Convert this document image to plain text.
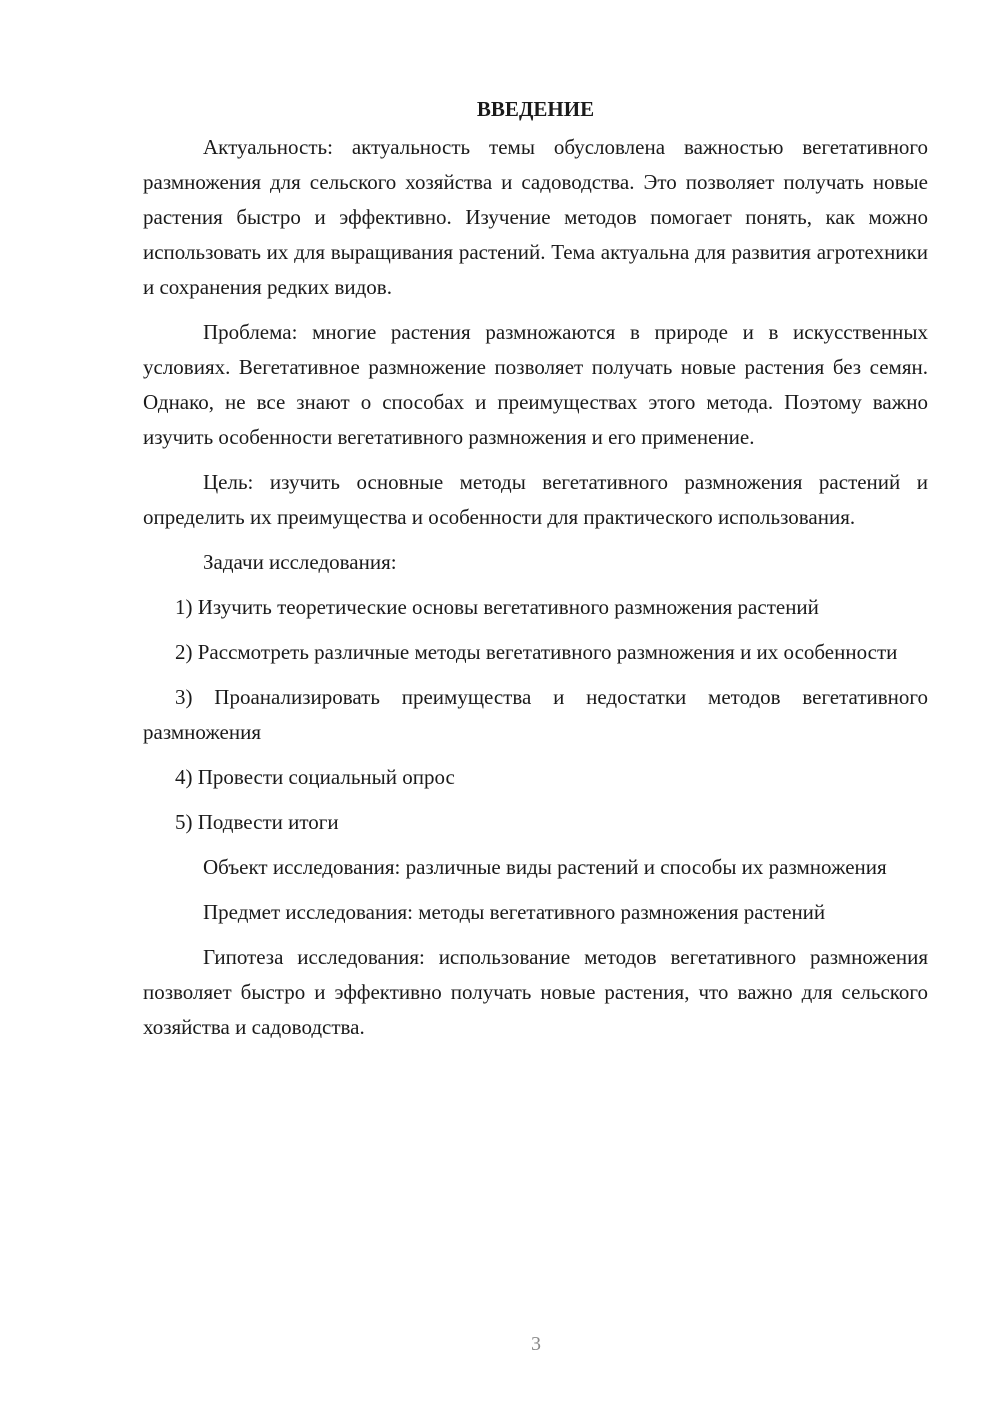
ВВЕДЕНИЕ

Актуальность: актуальность темы обусловлена важностью вегетативного размножения для сельского хозяйства и садоводства. Это позволяет получать новые растения быстро и эффективно. Изучение методов помогает понять, как можно использовать их для выращивания растений. Тема актуальна для развития агротехники и сохранения редких видов.

Проблема: многие растения размножаются в природе и в искусственных условиях. Вегетативное размножение позволяет получать новые растения без семян. Однако, не все знают о способах и преимуществах этого метода. Поэтому важно изучить особенности вегетативного размножения и его применение.

Цель: изучить основные методы вегетативного размножения растений и определить их преимущества и особенности для практического использования.

Задачи исследования:

1) Изучить теоретические основы вегетативного размножения растений

2) Рассмотреть различные методы вегетативного размножения и их особенности

3) Проанализировать преимущества и недостатки методов вегетативного размножения

4) Провести социальный опрос

5) Подвести итоги

Объект исследования: различные виды растений и способы их размножения

Предмет исследования: методы вегетативного размножения растений

Гипотеза исследования: использование методов вегетативного размножения позволяет быстро и эффективно получать новые растения, что важно для сельского хозяйства и садоводства.

3
